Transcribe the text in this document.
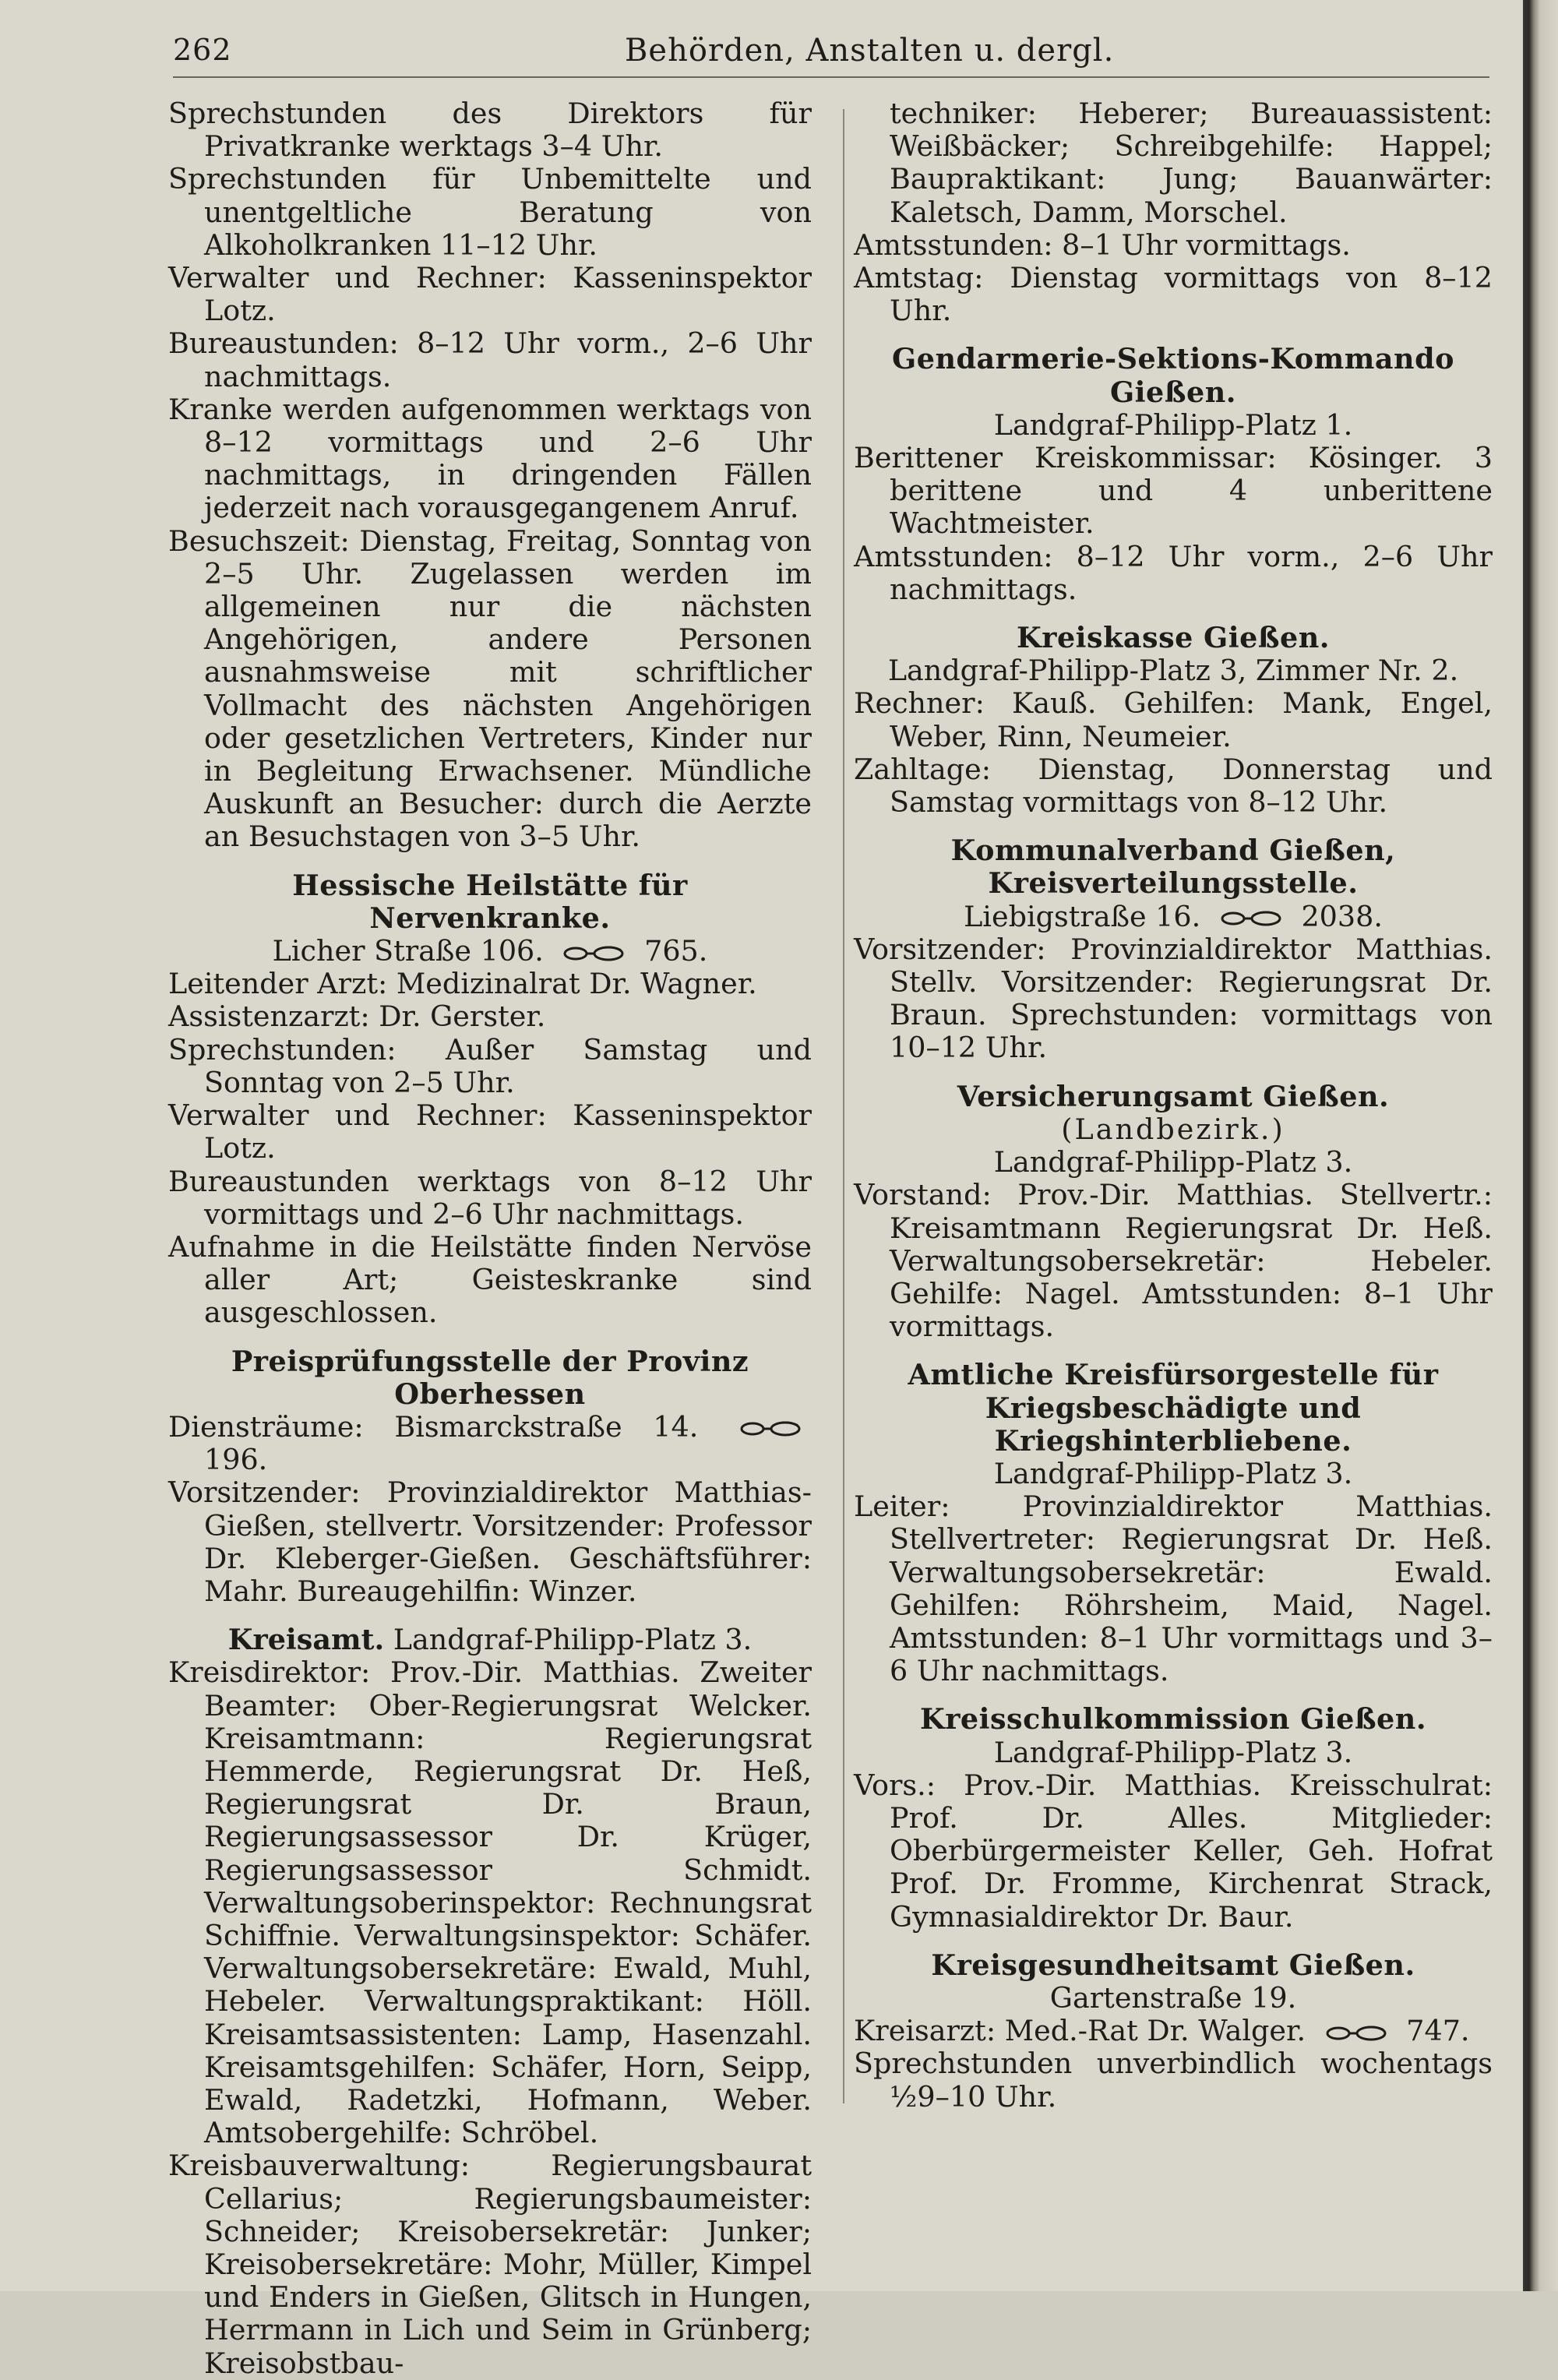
262	Behörden, Anstalten u. dergl.

Sprechstunden des Direktors für Privatkranke werktags 3–4 Uhr.

Sprechstunden für Unbemittelte und unentgeltliche Beratung von Alkoholkranken 11–12 Uhr.

Verwalter und Rechner: Kasseninspektor Lotz.

Bureaustunden: 8–12 Uhr vorm., 2–6 Uhr nachmittags.

Kranke werden aufgenommen werktags von 8–12 vormittags und 2–6 Uhr nachmittags, in dringenden Fällen jederzeit nach vorausgegangenem Anruf.

Besuchszeit: Dienstag, Freitag, Sonntag von 2–5 Uhr. Zugelassen werden im allgemeinen nur die nächsten Angehörigen, andere Personen ausnahmsweise mit schriftlicher Vollmacht des nächsten Angehörigen oder gesetzlichen Vertreters, Kinder nur in Begleitung Erwachsener. Mündliche Auskunft an Besucher: durch die Aerzte an Besuchstagen von 3–5 Uhr.

Hessische Heilstätte für Nervenkranke.

Licher Straße 106.	765.

Leitender Arzt: Medizinalrat Dr. Wagner.

Assistenzarzt: Dr. Gerster.

Sprechstunden: Außer Samstag und Sonntag von 2–5 Uhr.

Verwalter und Rechner: Kasseninspektor Lotz.

Bureaustunden werktags von 8–12 Uhr vormittags und 2–6 Uhr nachmittags.

Aufnahme in die Heilstätte finden Nervöse aller Art; Geisteskranke sind ausgeschlossen.

Preisprüfungsstelle der Provinz Oberhessen

Diensträume: Bismarckstraße 14.  196.

Vorsitzender: Provinzialdirektor Matthias-Gießen, stellvertr. Vorsitzender: Professor Dr. Kleberger-Gießen. Geschäftsführer: Mahr. Bureaugehilfin: Winzer.

Kreisamt. Landgraf-Philipp-Platz 3.

Kreisdirektor: Prov.-Dir. Matthias. Zweiter Beamter: Ober-Regierungsrat Welcker. Kreisamtmann: Regierungsrat Hemmerde, Regierungsrat Dr. Heß, Regierungsrat Dr. Braun, Regierungsassessor Dr. Krüger, Regierungsassessor Schmidt. Verwaltungsoberinspektor: Rechnungsrat Schiffnie. Verwaltungsinspektor: Schäfer. Verwaltungsobersekretäre: Ewald, Muhl, Hebeler. Verwaltungspraktikant: Höll. Kreisamtsassistenten: Lamp, Hasenzahl. Kreisamtsgehilfen: Schäfer, Horn, Seipp, Ewald, Radetzki, Hofmann, Weber. Amtsobergehilfe: Schröbel.

Kreisbauverwaltung: Regierungsbaurat Cellarius; Regierungsbaumeister: Schneider; Kreisobersekretär: Junker; Kreisobersekretäre: Mohr, Müller, Kimpel und Enders in Gießen, Glitsch in Hungen, Herrmann in Lich und Seim in Grünberg; Kreisobstbau-

techniker: Heberer; Bureauassistent: Weißbäcker; Schreibgehilfe: Happel; Baupraktikant: Jung; Bauanwärter: Kaletsch, Damm, Morschel.

Amtsstunden: 8–1 Uhr vormittags.

Amtstag: Dienstag vormittags von 8–12 Uhr.

Gendarmerie-Sektions-Kommando Gießen.

Landgraf-Philipp-Platz 1.

Berittener Kreiskommissar: Kösinger. 3 berittene und 4 unberittene Wachtmeister.

Amtsstunden: 8–12 Uhr vorm., 2–6 Uhr nachmittags.

Kreiskasse Gießen.

Landgraf-Philipp-Platz 3, Zimmer Nr. 2.

Rechner: Kauß. Gehilfen: Mank, Engel, Weber, Rinn, Neumeier.

Zahltage: Dienstag, Donnerstag und Samstag vormittags von 8–12 Uhr.

Kommunalverband Gießen, Kreisverteilungsstelle.

Liebigstraße 16.	2038.

Vorsitzender: Provinzialdirektor Matthias. Stellv. Vorsitzender: Regierungsrat Dr. Braun. Sprechstunden: vormittags von 10–12 Uhr.

Versicherungsamt Gießen.

(Landbezirk.)

Landgraf-Philipp-Platz 3.

Vorstand: Prov.-Dir. Matthias. Stellvertr.: Kreisamtmann Regierungsrat Dr. Heß. Verwaltungsobersekretär: Hebeler. Gehilfe: Nagel. Amtsstunden: 8–1 Uhr vormittags.

Amtliche Kreisfürsorgestelle für Kriegsbeschädigte und Kriegshinterbliebene.

Landgraf-Philipp-Platz 3.

Leiter: Provinzialdirektor Matthias. Stellvertreter: Regierungsrat Dr. Heß. Verwaltungsobersekretär: Ewald. Gehilfen: Röhrsheim, Maid, Nagel. Amtsstunden: 8–1 Uhr vormittags und 3–6 Uhr nachmittags.

Kreisschulkommission Gießen.

Landgraf-Philipp-Platz 3.

Vors.: Prov.-Dir. Matthias. Kreisschulrat: Prof. Dr. Alles. Mitglieder: Oberbürgermeister Keller, Geh. Hofrat Prof. Dr. Fromme, Kirchenrat Strack, Gymnasialdirektor Dr. Baur.

Kreisgesundheitsamt Gießen.

Gartenstraße 19.

Kreisarzt: Med.-Rat Dr. Walger.	747.

Sprechstunden unverbindlich wochentags ½9–10 Uhr.
